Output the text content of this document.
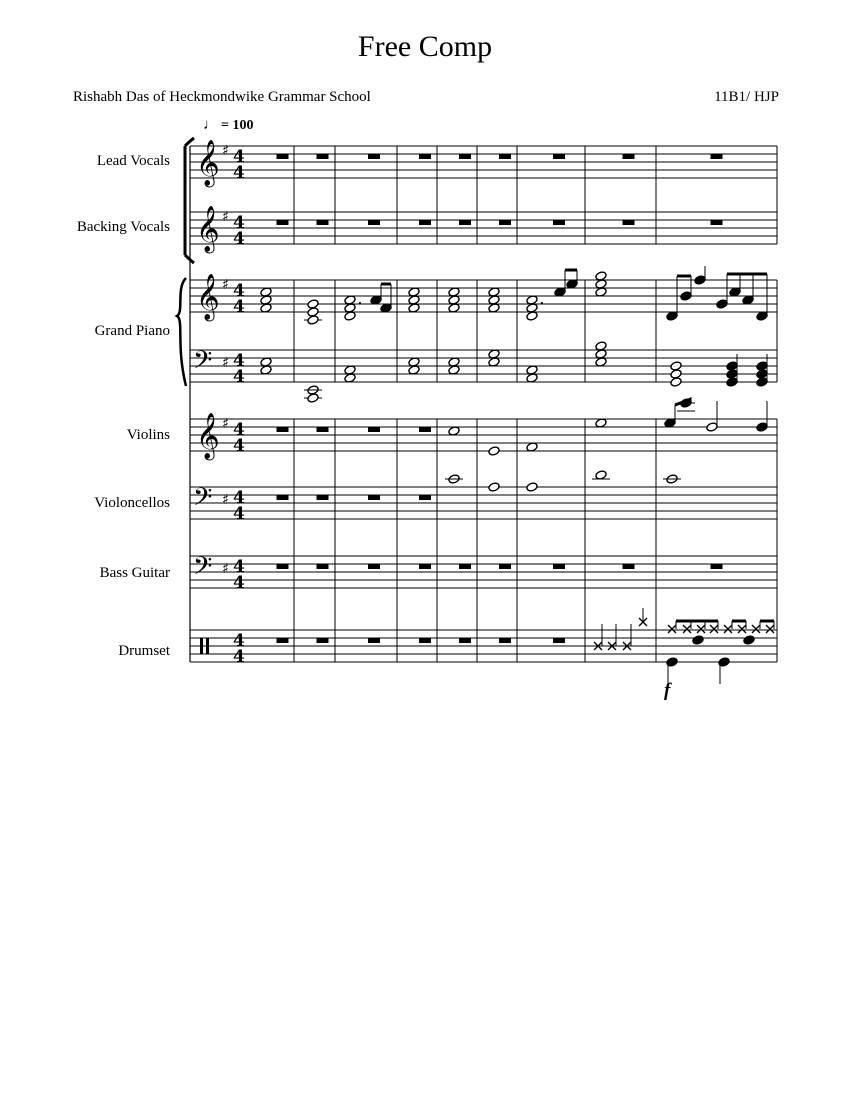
Free Comp
Rishabh Das of Heckmondwike Grammar School	11B1/ HJP
♩ = 100
Lead Vocals
Backing Vocals
Grand Piano
Violins
Violoncellos
Bass Guitar
Drumset
𝄞 ♯ 4
4
𝄞 ♯ 4
4
𝄞 ♯ 4
4
𝄢 ♯ 4
4
𝄞 ♯ 4
4
𝄢 ♯ 4
4
𝄢 ♯ 4
4
4
4
.	.
f
